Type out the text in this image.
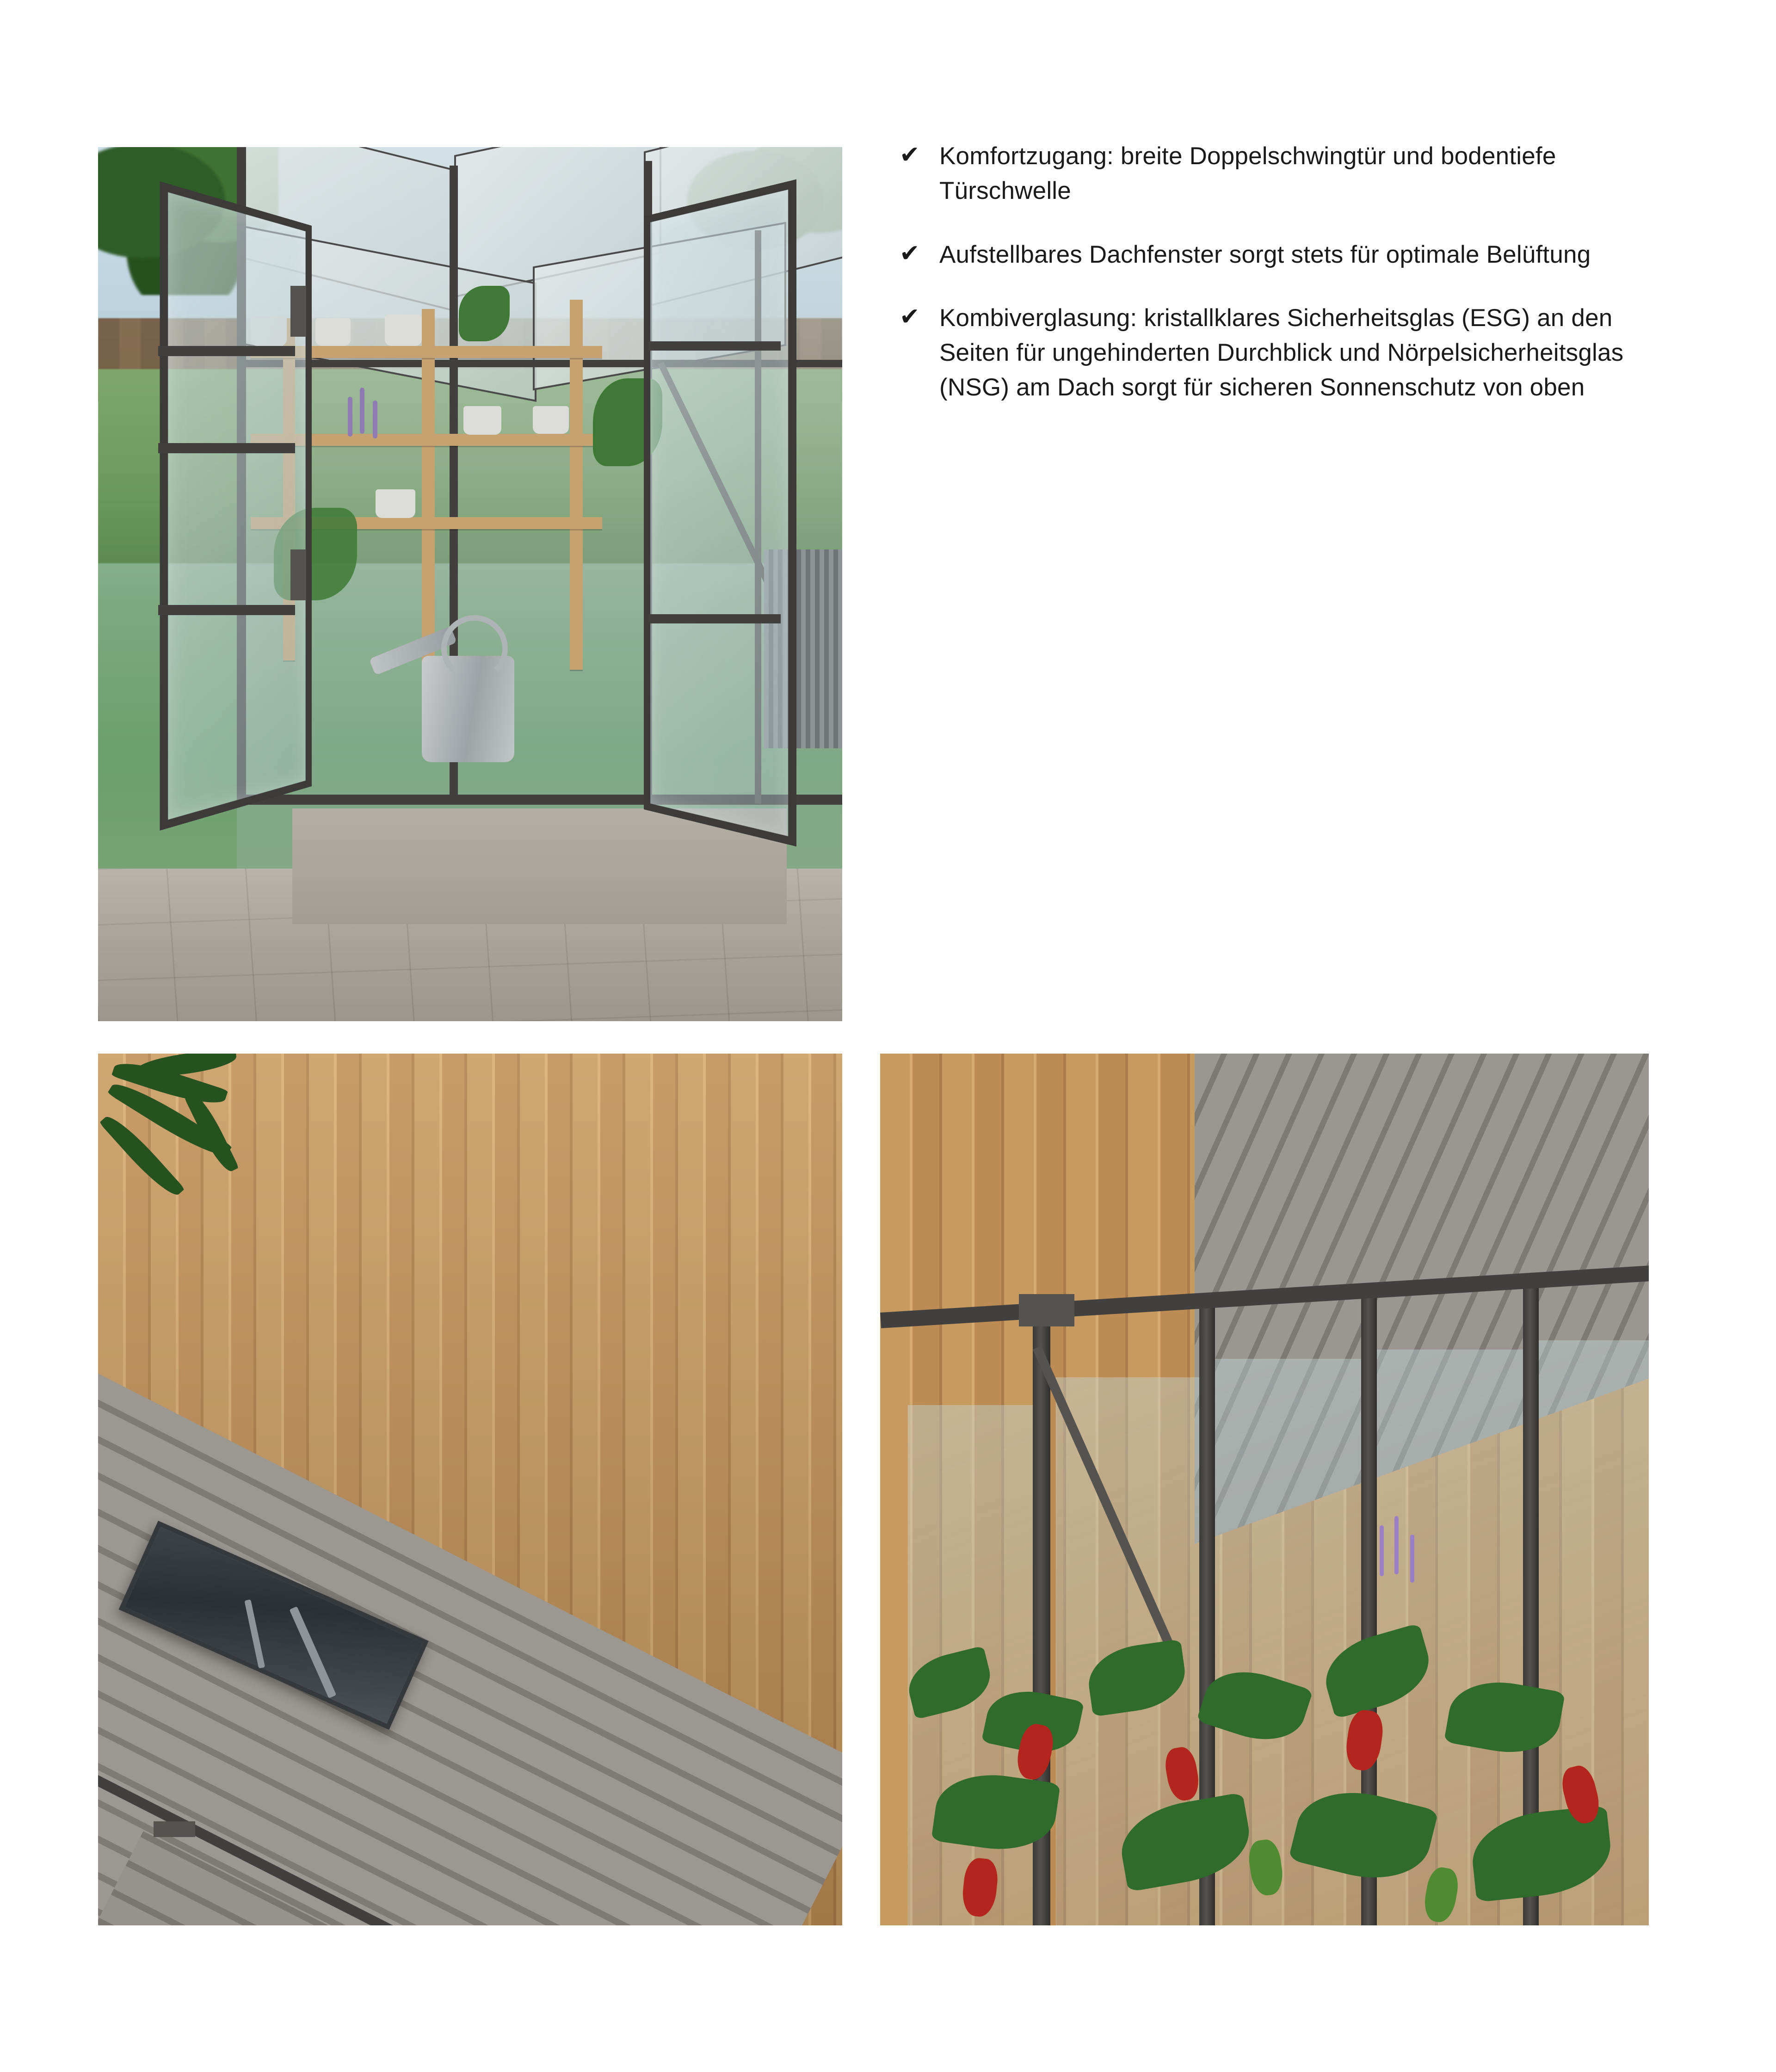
✔ Komfortzugang: breite Doppelschwingtür und bodentiefe Türschwelle
✔ Aufstellbares Dachfenster sorgt stets für optimale Belüftung
✔ Kombiverglasung: kristallklares Sicherheitsglas (ESG) an den Seiten für ungehinderten Durchblick und Nörpelsicherheitsglas (NSG) am Dach sorgt für sicheren Sonnenschutz von oben
